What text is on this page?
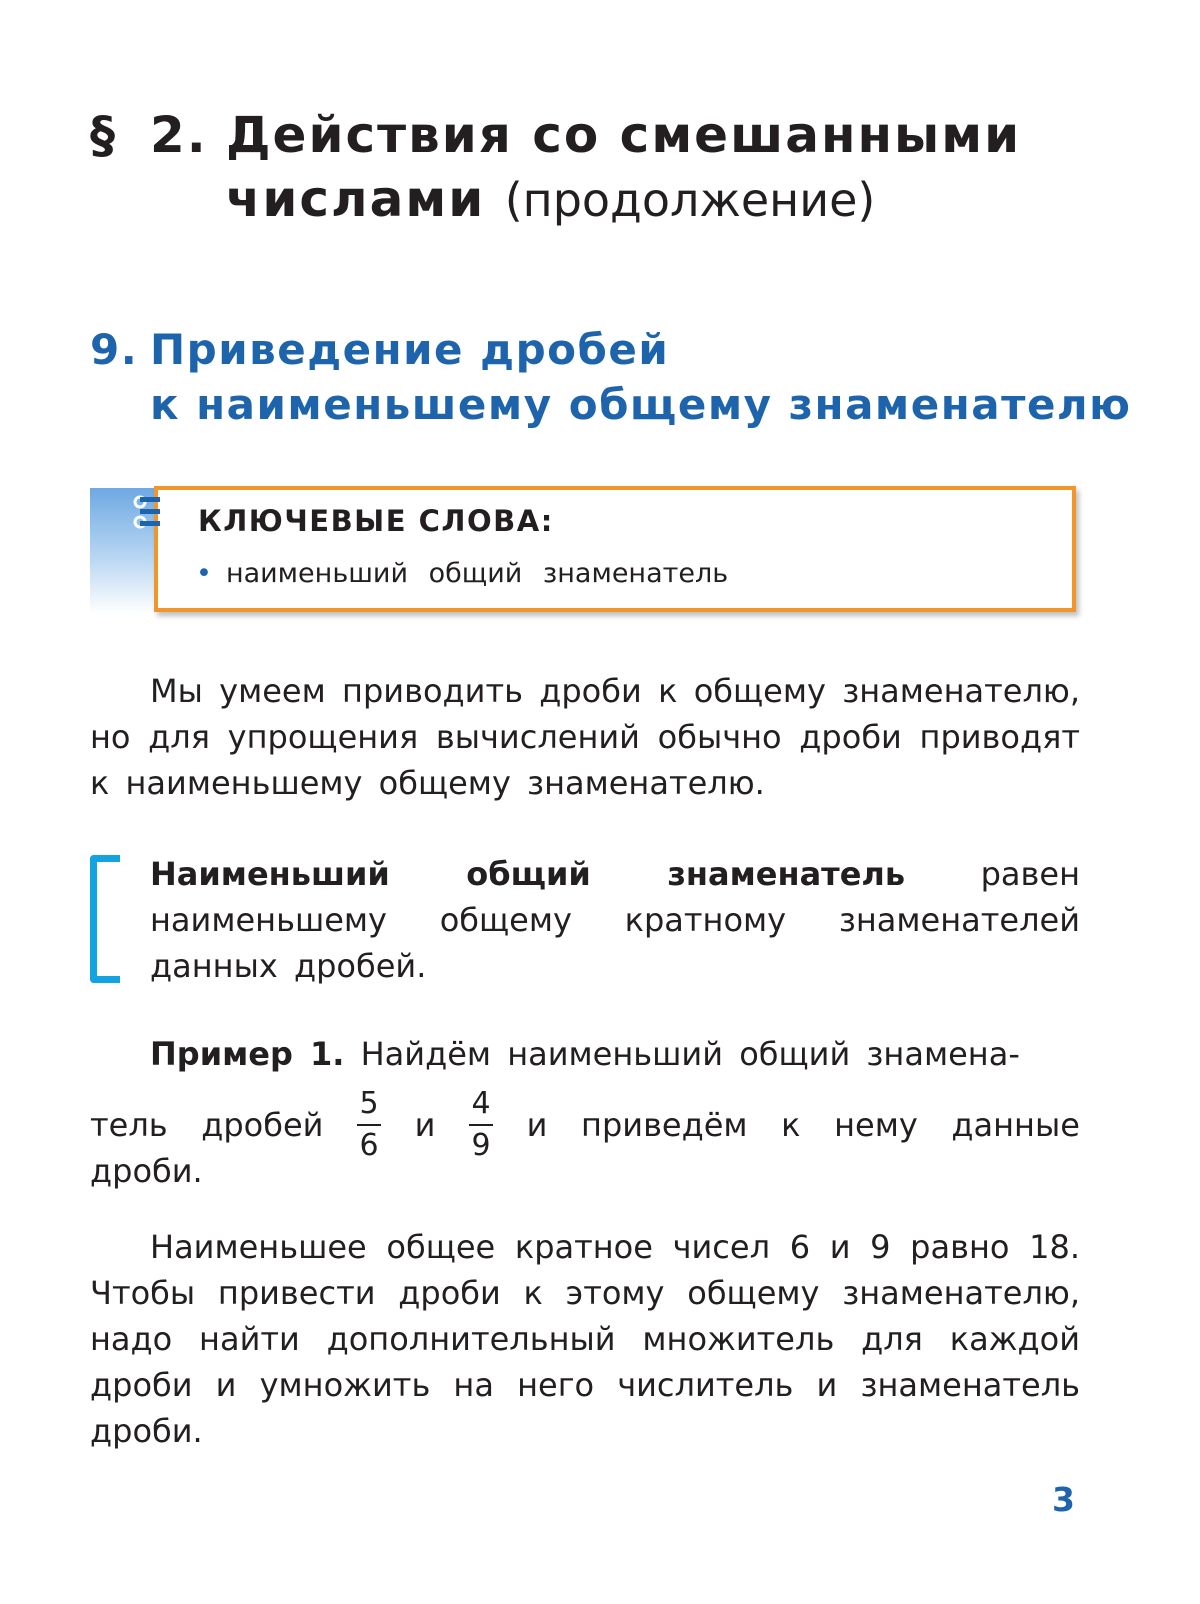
§ 2. Действия со смешанными
числами (продолжение)
9. Приведение дробей
к наименьшему общему знаменателю
КЛЮЧЕВЫЕ СЛОВА:
• наименьший общий знаменатель
Мы умеем приводить дроби к общему знаменателю, но для упрощения вычислений обычно дроби приводят к наименьшему общему знаменателю.
Наименьший общий знаменатель равен наименьшему общему кратному знаменателей данных дробей.
Пример 1. Найдём наименьший общий знамена-
тель дробей $\frac{5}{6}$ и $\frac{4}{9}$ и приведём к нему данные
дроби.
Наименьшее общее кратное чисел 6 и 9 равно 18. Чтобы привести дроби к этому общему знаменателю, надо найти дополнительный множитель для каждой дроби и умножить на него числитель и знаменатель дроби.
3
